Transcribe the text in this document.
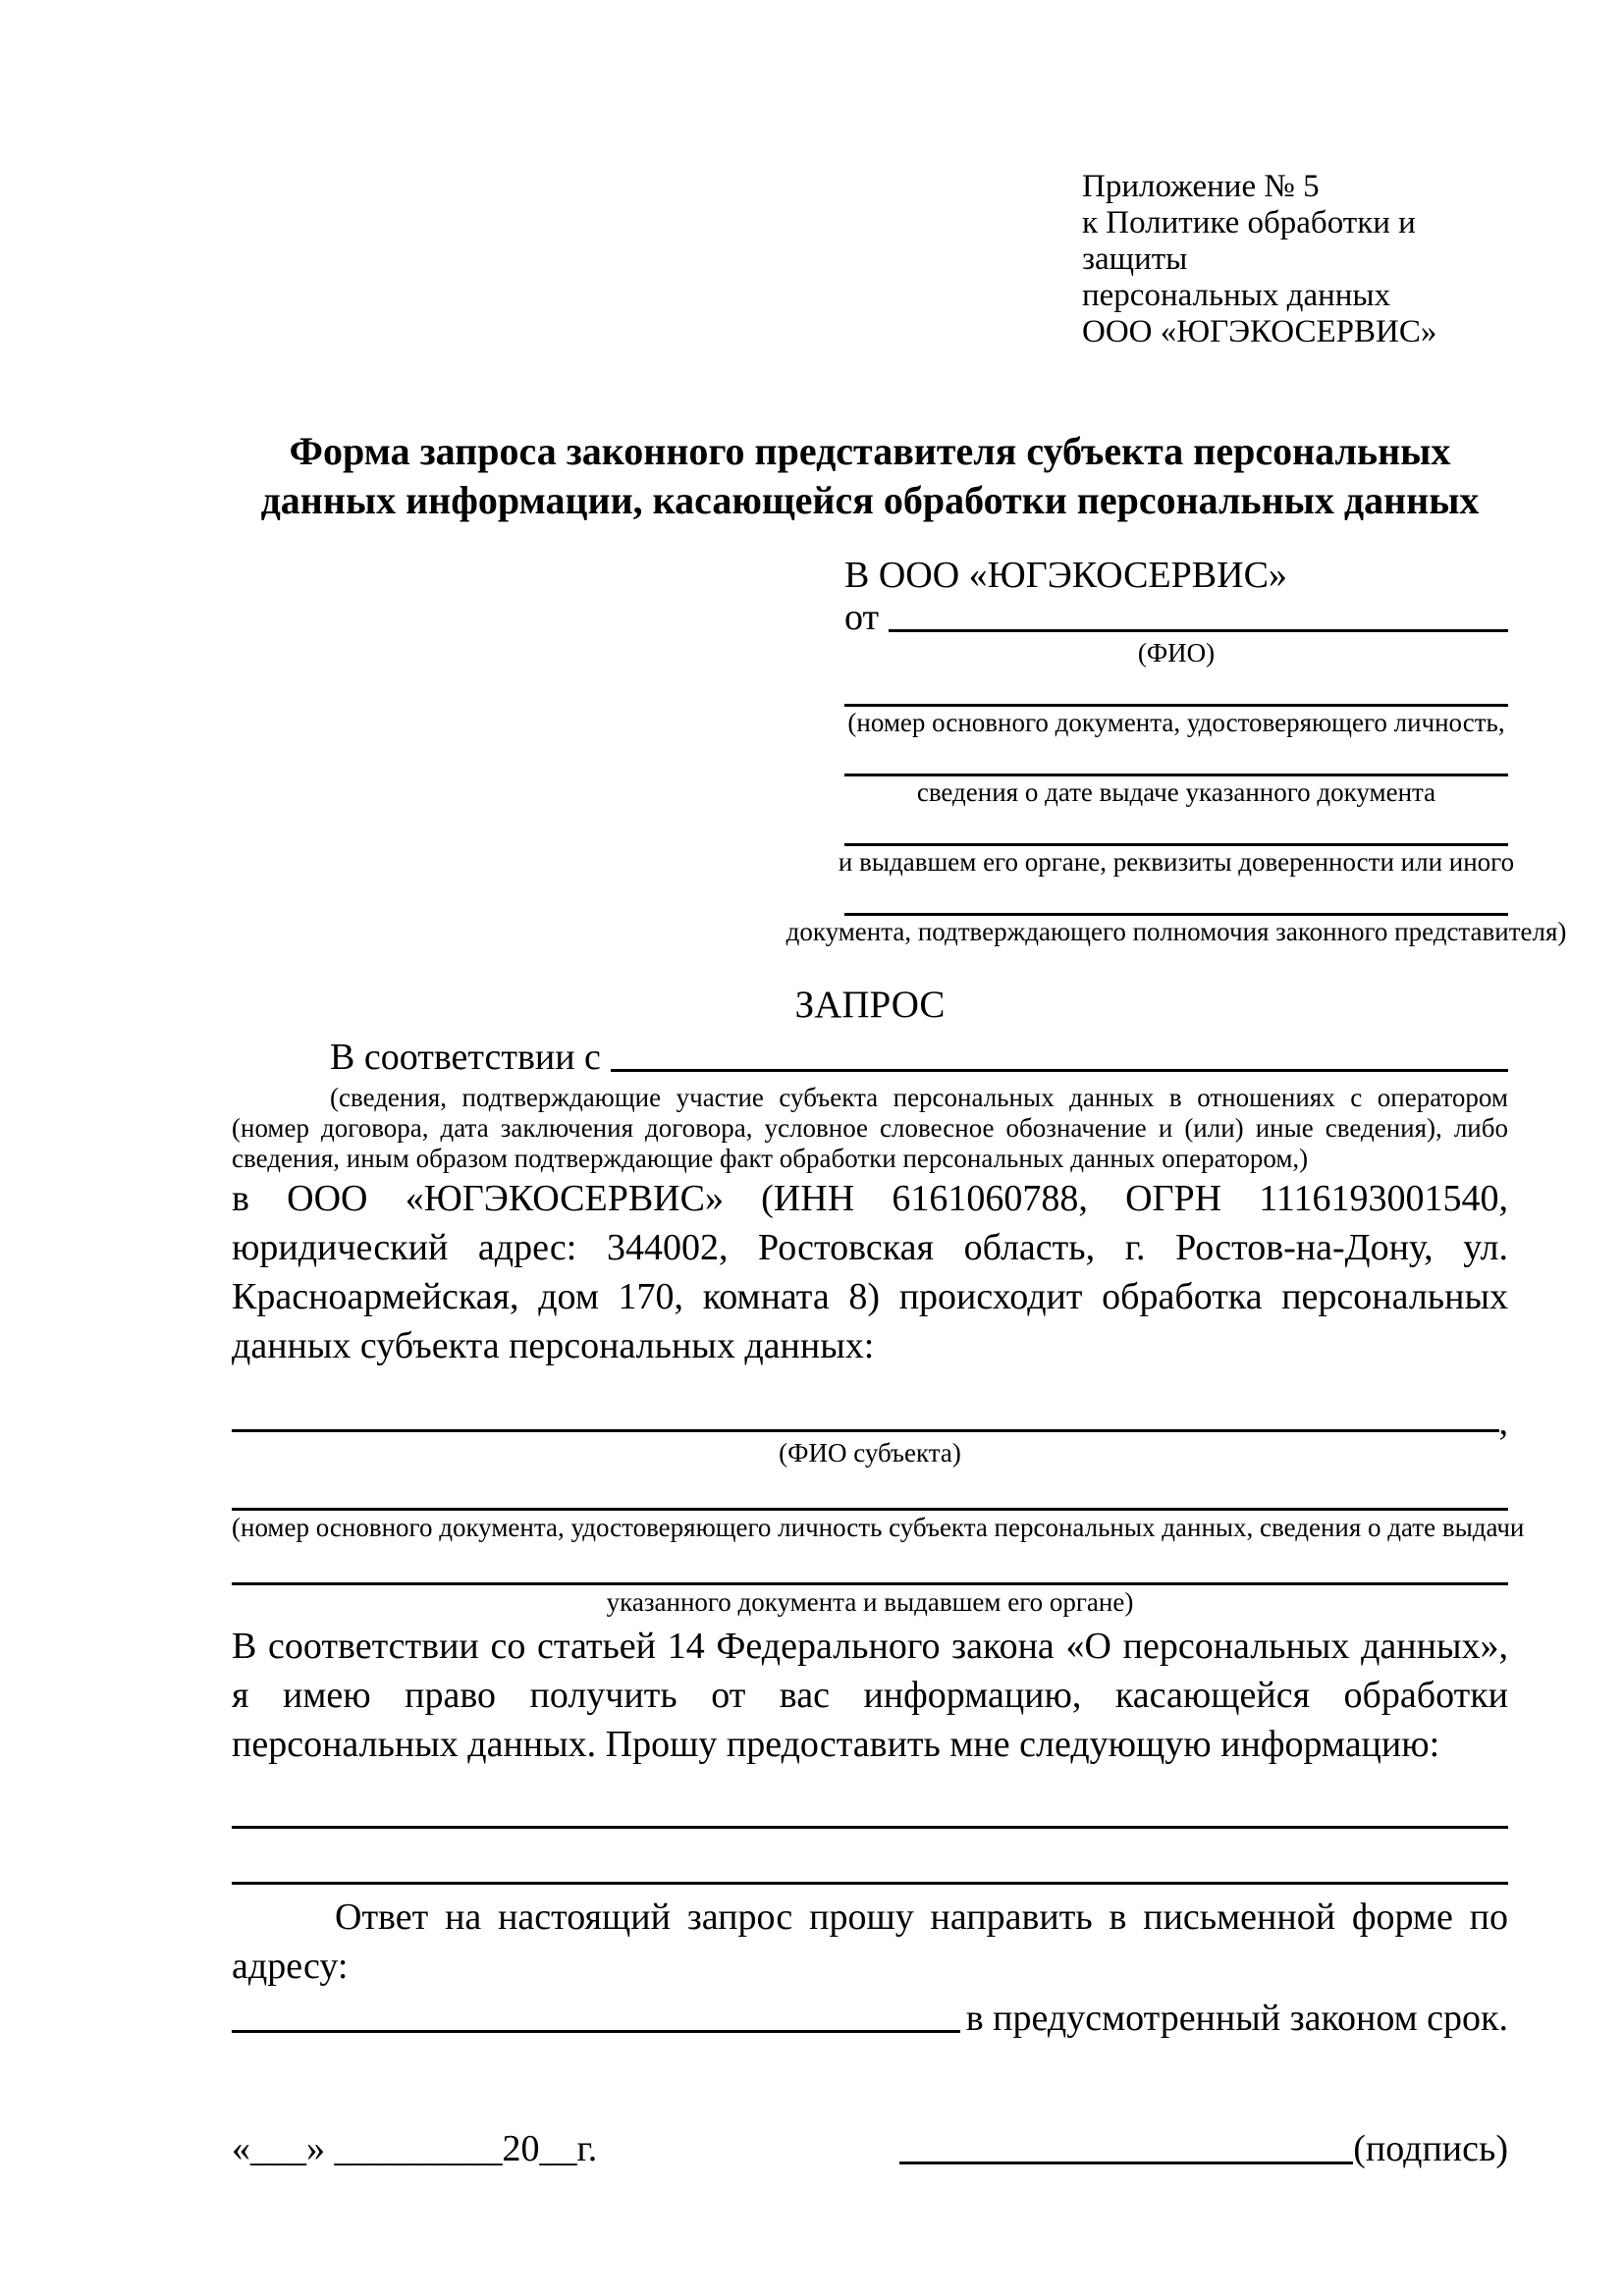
Приложение № 5
к Политике обработки и защиты
персональных данных
ООО «ЮГЭКОСЕРВИС»
Форма запроса законного представителя субъекта персональных данных информации, касающейся обработки персональных данных
В ООО «ЮГЭКОСЕРВИС»
от
(ФИО)
(номер основного документа, удостоверяющего личность,
сведения о дате выдаче указанного документа
и выдавшем его органе, реквизиты доверенности или иного
документа, подтверждающего полномочия законного представителя)
ЗАПРОС
В соответствии с

(сведения, подтверждающие участие субъекта персональных данных в отношениях с оператором (номер договора, дата заключения договора, условное словесное обозначение и (или) иные сведения), либо сведения, иным образом подтверждающие факт обработки персональных данных оператором,)

в ООО «ЮГЭКОСЕРВИС» (ИНН 6161060788, ОГРН 1116193001540, юридический адрес: 344002, Ростовская область, г. Ростов-на-Дону, ул. Красноармейская, дом 170, комната 8) происходит обработка персональных данных субъекта персональных данных:

,
(ФИО субъекта)
(номер основного документа, удостоверяющего личность субъекта персональных данных, сведения о дате выдачи
указанного документа и выдавшем его органе)

В соответствии со статьей 14 Федерального закона «О персональных данных», я имею право получить от вас информацию, касающейся обработки персональных данных. Прошу предоставить мне следующую информацию:

Ответ на настоящий запрос прошу направить в письменной форме по адресу:

в предусмотренный законом срок.
«___» _________20__г.	(подпись)
